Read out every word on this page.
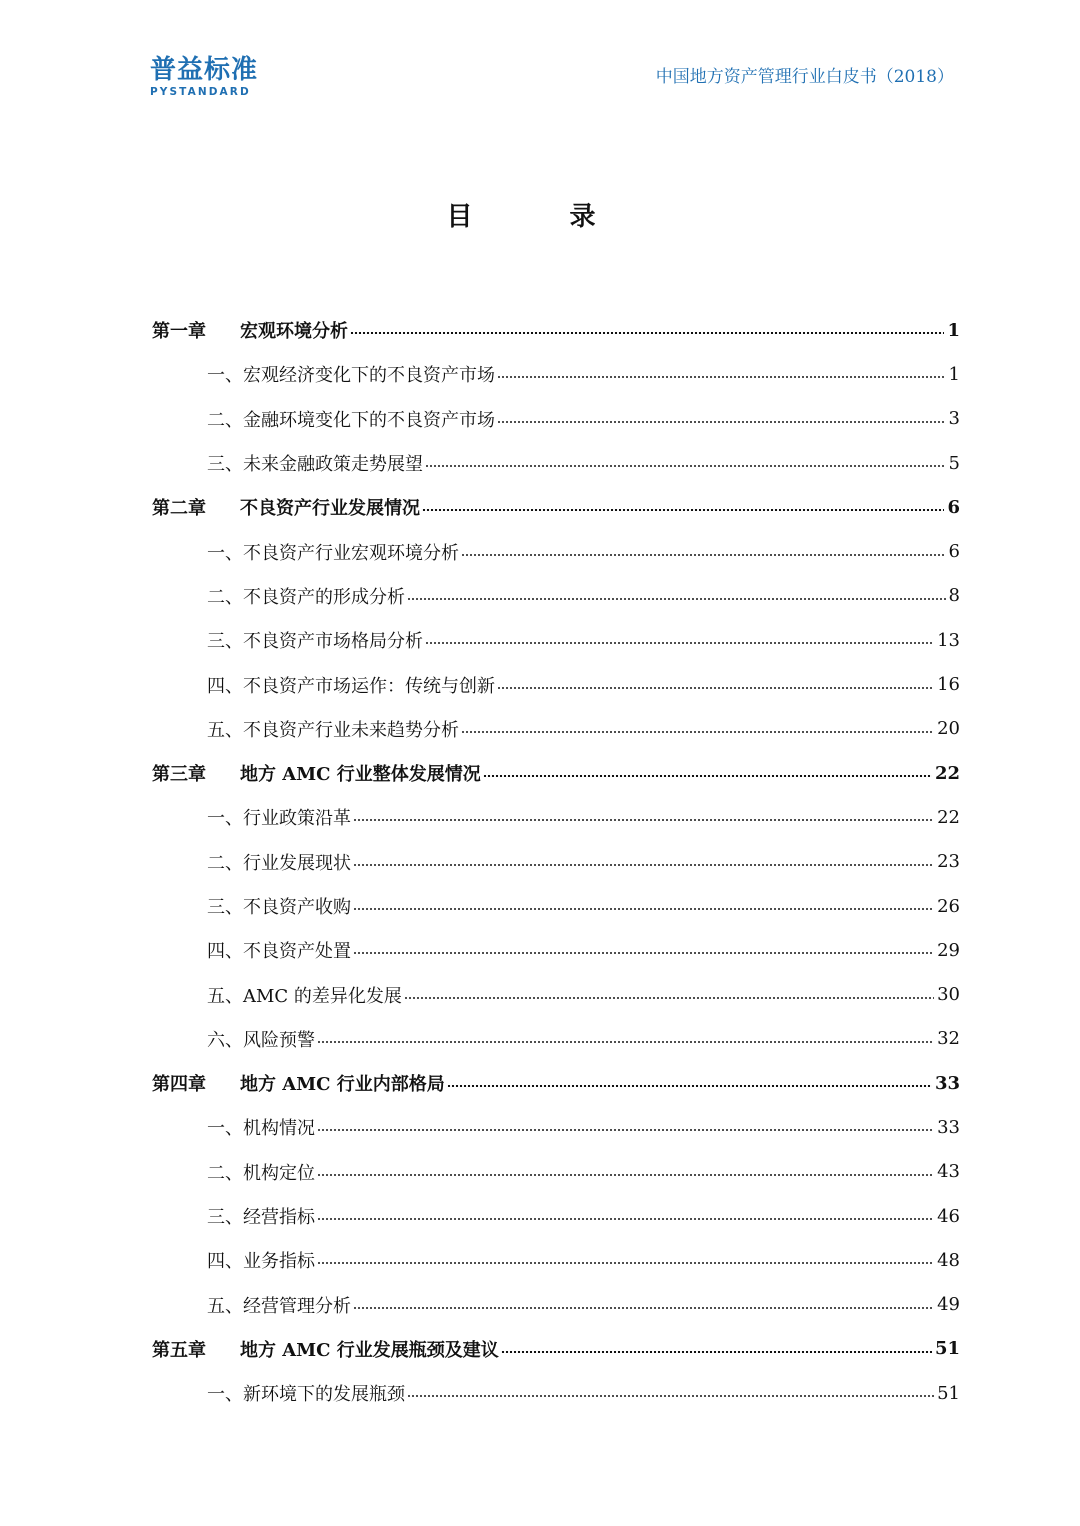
普益标准
PYSTANDARD
中国地方资产管理行业白皮书（2018）
目 录
第一章 宏观环境分析	1
一、宏观经济变化下的不良资产市场	1
二、金融环境变化下的不良资产市场	3
三、未来金融政策走势展望	5
第二章 不良资产行业发展情况	6
一、不良资产行业宏观环境分析	6
二、不良资产的形成分析	8
三、不良资产市场格局分析	13
四、不良资产市场运作：传统与创新	16
五、不良资产行业未来趋势分析	20
第三章 地方 AMC 行业整体发展情况	22
一、行业政策沿革	22
二、行业发展现状	23
三、不良资产收购	26
四、不良资产处置	29
五、AMC 的差异化发展	30
六、风险预警	32
第四章 地方 AMC 行业内部格局	33
一、机构情况	33
二、机构定位	43
三、经营指标	46
四、业务指标	48
五、经营管理分析	49
第五章 地方 AMC 行业发展瓶颈及建议	51
一、新环境下的发展瓶颈	51
